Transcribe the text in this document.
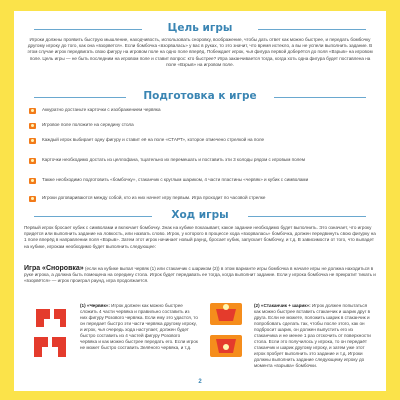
Цель игры
Игроки должны проявить быструю мышление, находчивость, использовать сноровку, воображение, чтобы дать ответ как можно быстрее, и передать бомбочку другому игроку до того, как она «взорвется». Если бомбочка «взорвалась» у вас в руках, то это значит, что время истекло, а вы не успели выполнить задание. В этом случае игрок передвигать свою фигуру на игровом поле на одно поле вперёд. Побеждает игрок, чья фигура первой доберётся до поля «Взрыв» на игровом поле. Цель игры — не быть последним на игровом поле и ставит вопрос: кто быстрее? Игра заканчивается тогда, когда хоть одна фигура будет поставлена на поле «Взрыв» на игровом поле.
Подготовка к игре
Аккуратно достаньте карточки с изображением червяка
Игровое поле положите на середину стола
Каждый игрок выбирает одну фигуру и ставит её на поле «СТАРТ», которое отмечено стрелкой на поле
Карточки необходимо достать из целлофана, тщательно их перемешать и поставить эти 3 колоды рядом с игровым полем
Также необходимо подготовить «бомбочку», стаканчик с круглым шариком, 4 части пластины «червяк» и кубик с символами
Игроки договариваются между собой, кто из них начнет игру первым. Игра проходит по часовой стрелке
Ход игры
Первый игрок бросает кубик с символами и включает бомбочку. Знак на кубике показывает, какое задание необходимо будет выполнить. Это означает, что игроку придется или выполнить задание на ловкость, или назвать слово. Игрок, у которого в процессе хода «взорвалась» бомбочка, должен передвинуть свою фигурку на 1 поле вперёд в направлении поля «Взрыв». Затем этот игрок начинает новый раунд, бросает кубик, запускает бомбочку, и т.д. В зависимости от того, что выпадет на кубике, игрокам необходимо будет выполнить следующее:
Игра «Сноровка» (если на кубике выпал червяк (1) или стаканчик с шариком (2)) в этом варианте игры бомбочка в начале игры не должна находиться в руке игрока, а должна быть помещена на середину стола. Игрок будет передавать ее тогда, когда выполнит задание. Если у игрока бомбочка не прекратит тикать и «взорвётся» — игрок проиграл раунд, игра продолжается.
(1) «Червяк»: Игрок должен как можно быстрее сложить 4 части червяка и правильно составить из них фигуру Розового червяка. Если ему это удастся, то он передает быстро эти части червяка другому игроку, и игрок, чья очередь хода наступает, должен будет быстро составить из 4 частей фигуру Розового червяка и как можно быстрее передать его. Если игрок не может быстро составить Зелёного червяка, и т.д.
(2) «Стаканчик + шарик»: Игрок должен попытаться как можно быстрее вставить стаканчик и шарик друг в друга. Если не можете, положить шарик в стаканчик и попробовать сделать так, чтобы после этого, как он подбросит шарик, он должен выпустить его из стаканчика и не менее 1 раз отскочить от поверхности стола. Если это получилось у игрока, то он передаёт стаканчик и шарик другому игроку, и затем уже этот игрок пробует выполнить это задание и т.д. Игроки должны выполнить задание следующему игроку до момента «взрыва» бомбочки.
2
